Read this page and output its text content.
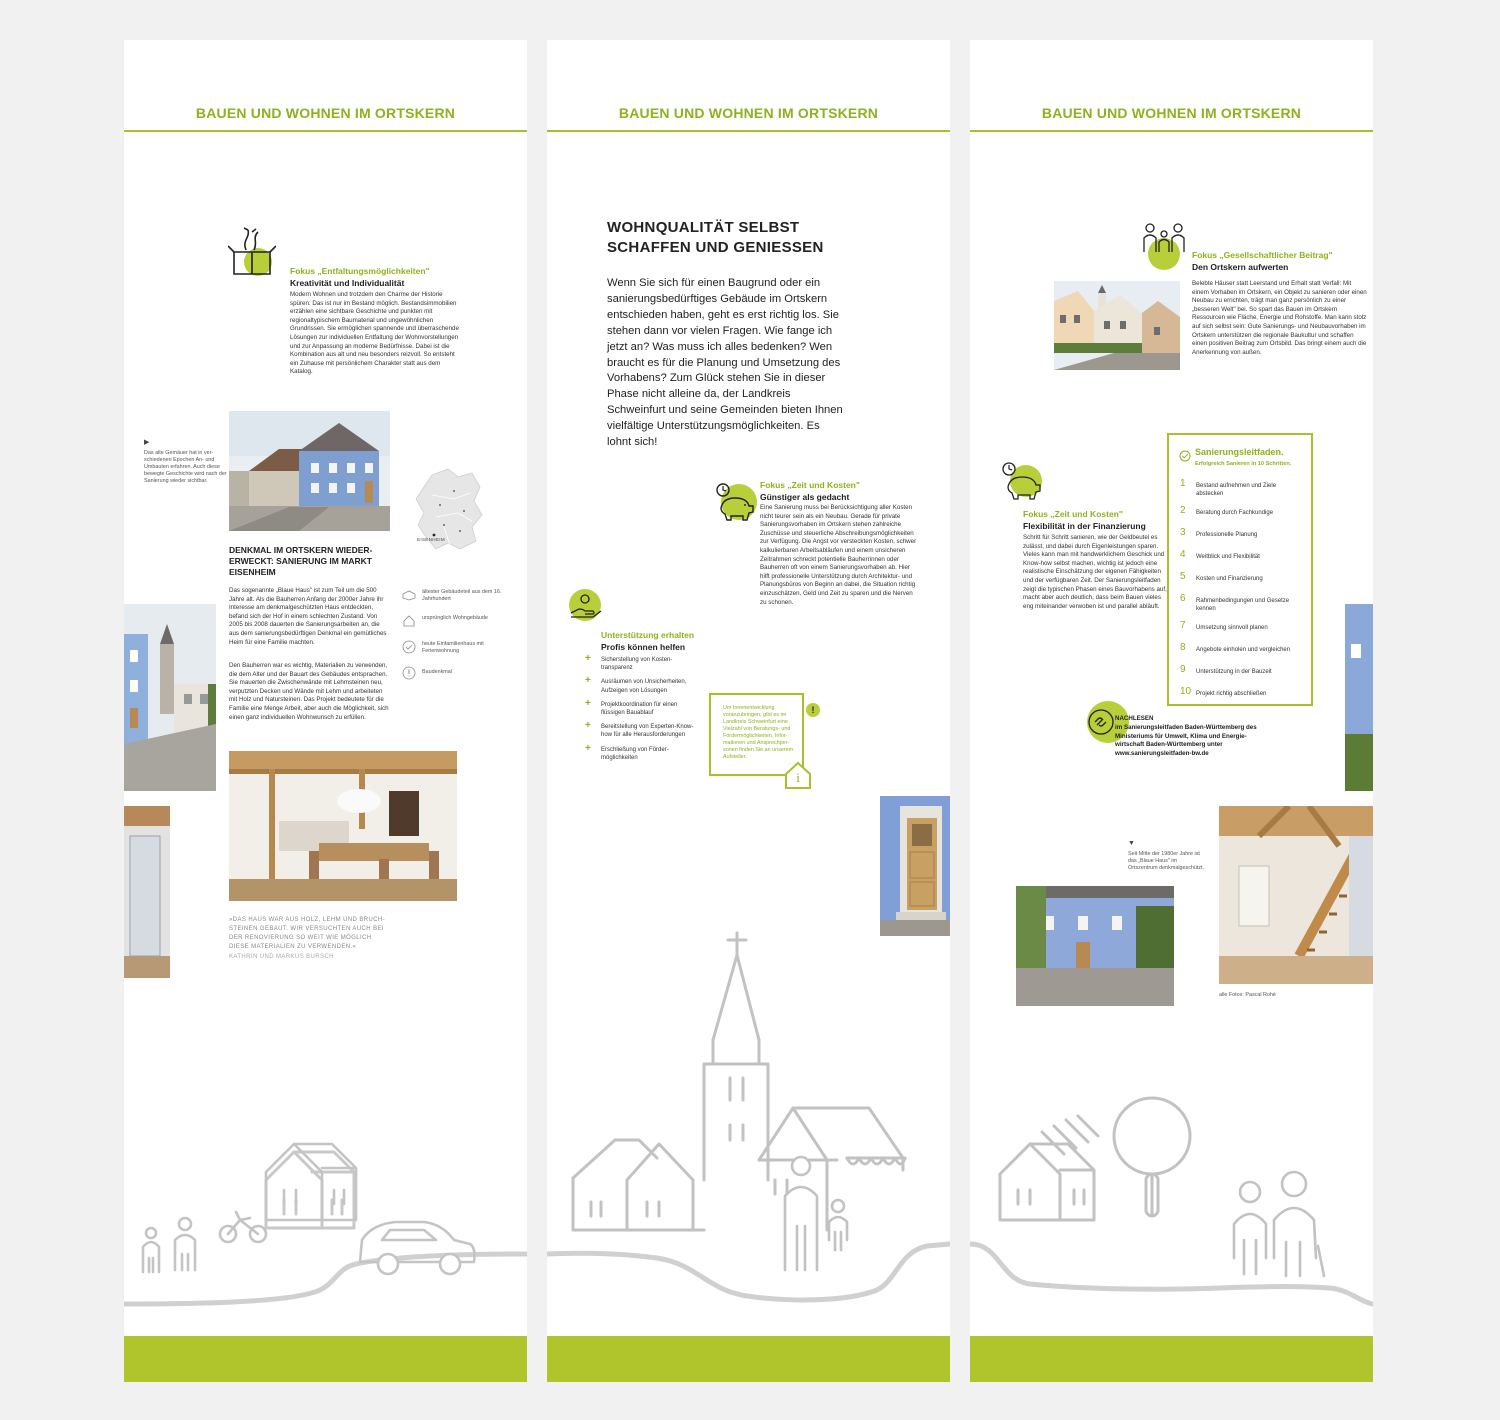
BAUEN UND WOHNEN IM ORTSKERN
Fokus „Entfaltungsmöglichkeiten"
Kreativität und Individualität
Modern Wohnen und trotzdem den Charme der Historie spüren: Das ist nur im Bestand möglich. Bestandsimmobilien erzählen eine sichtbare Geschichte und punkten mit regionaltypischem Baumaterial und ungewöhnlichen Grundrissen. Sie ermöglichen spannende und überraschende Lösungen zur individuellen Entfaltung der Wohnvorstellungen und zur Anpassung an moderne Bedürfnisse. Dabei ist die Kombination aus alt und neu besonders reizvoll. So entsteht ein Zuhause mit persönlichem Charakter statt aus dem Katalog.
▶
Das alte Gemäuer hat in verschiedenen Epochen An- und Umbauten erfahren. Auch diese bewegte Geschichte wird nach der Sanierung wieder sichtbar.
EISENHEIM
DENKMAL IM ORTSKERN WIEDERERWECKT: SANIERUNG IM MARKT EISENHEIM
Das sogenannte „Blaue Haus" ist zum Teil um die 500 Jahre alt. Als die Bauherren Anfang der 2000er Jahre ihr Interesse am denkmalgeschützten Haus entdeckten, befand sich der Hof in einem schlechten Zustand. Von 2005 bis 2008 dauerten die Sanierungsarbeiten an, die aus dem sanierungsbedürftigen Denkmal ein gemütliches Heim für eine Familie machten.
Den Bauherren war es wichtig, Materialien zu verwenden, die dem Alter und der Bauart des Gebäudes entsprachen. Sie mauerten die Zwischenwände mit Lehmsteinen neu, verputzten Decken und Wände mit Lehm und arbeiteten mit Holz und Natursteinen. Das Projekt bedeutete für die Familie eine Menge Arbeit, aber auch die Möglichkeit, sich einen ganz individuellen Wohnwunsch zu erfüllen.
ältester Gebäudeteil aus dem 16. Jahrhundert
ursprünglich Wohngebäude
heute Einfamilienhaus mit Ferienwohnung
Baudenkmal
»DAS HAUS WAR AUS HOLZ, LEHM UND BRUCHSTEINEN GEBAUT. WIR VERSUCHTEN AUCH BEI DER RENOVIERUNG SO WEIT WIE MÖGLICH DIESE MATERIALIEN ZU VERWENDEN.«
KATHRIN UND MARKUS BURSCH
BAUEN UND WOHNEN IM ORTSKERN
WOHNQUALITÄT SELBST SCHAFFEN UND GENIESSEN
Wenn Sie sich für einen Baugrund oder ein sanierungsbedürftiges Gebäude im Ortskern entschieden haben, geht es erst richtig los. Sie stehen dann vor vielen Fragen. Wie fange ich jetzt an? Was muss ich alles bedenken? Wen braucht es für die Planung und Umsetzung des Vorhabens? Zum Glück stehen Sie in dieser Phase nicht alleine da, der Landkreis Schweinfurt und seine Gemeinden bieten Ihnen vielfältige Unterstützungsmöglichkeiten. Es lohnt sich!
Fokus „Zeit und Kosten"
Günstiger als gedacht
Eine Sanierung muss bei Berücksichtigung aller Kosten nicht teurer sein als ein Neubau. Gerade für private Sanierungsvorhaben im Ortskern stehen zahlreiche Zuschüsse und steuerliche Abschreibungsmöglichkeiten zur Verfügung. Die Angst vor versteckten Kosten, schwer kalkulierbaren Arbeitsabläufen und einem unsicheren Zeitrahmen schreckt potentielle Bauherrinnen oder Bauherren oft von einem Sanierungsvorhaben ab. Hier hilft professionelle Unterstützung durch Architektur- und Planungsbüros von Beginn an dabei, die Situation richtig einzuschätzen, Geld und Zeit zu sparen und die Nerven zu schonen.
Unterstützung erhalten
Profis können helfen
+ Sicherstellung von Kostentransparenz
+ Ausräumen von Unsicherheiten, Aufzeigen von Lösungen
+ Projektkoordination für einen flüssigen Bauablauf
+ Bereitstellung von Experten-Know-how für alle Herausforderungen
+ Erschließung von Fördermöglichkeiten
Um Innenentwicklung voranzubringen, gibt es im Landkreis Schweinfurt eine Vielzahl von Beratungs- und Fördermöglichkeiten. Informationen und Ansprechpersonen finden Sie an unserem Aufsteller.
!
i
BAUEN UND WOHNEN IM ORTSKERN
Fokus „Gesellschaftlicher Beitrag"
Den Ortskern aufwerten
Belebte Häuser statt Leerstand und Erhalt statt Verfall: Mit einem Vorhaben im Ortskern, ein Objekt zu sanieren oder einen Neubau zu errichten, trägt man ganz persönlich zu einer „besseren Welt" bei. So spart das Bauen im Ortskern Ressourcen wie Fläche, Energie und Rohstoffe. Man kann stolz auf sich selbst sein: Gute Sanierungs- und Neubauvorhaben im Ortskern unterstützen die regionale Baukultur und schaffen einen positiven Beitrag zum Ortsbild. Das bringt einem auch die Anerkennung von außen.
Sanierungsleitfaden.
Erfolgreich Sanieren in 10 Schritten.
1 Bestand aufnehmen und Ziele abstecken
2 Beratung durch Fachkundige
3 Professionelle Planung
4 Weitblick und Flexibilität
5 Kosten und Finanzierung
6 Rahmenbedingungen und Gesetze kennen
7 Umsetzung sinnvoll planen
8 Angebote einholen und vergleichen
9 Unterstützung in der Bauzeit
10 Projekt richtig abschließen
Fokus „Zeit und Kosten"
Flexibilität in der Finanzierung
Schritt für Schritt sanieren, wie der Geldbeutel es zulässt, und dabei durch Eigenleistungen sparen. Vieles kann man mit handwerklichem Geschick und Know-how selbst machen, wichtig ist jedoch eine realistische Einschätzung der eigenen Fähigkeiten und der verfügbaren Zeit. Der Sanierungsleitfaden zeigt die typischen Phasen eines Bauvorhabens auf, macht aber auch deutlich, dass beim Bauen vieles eng miteinander verwoben ist und parallel abläuft.
NACHLESEN
im Sanierungsleitfaden Baden-Württemberg des Ministeriums für Umwelt, Klima und Energiewirtschaft Baden-Württemberg unter
www.sanierungsleitfaden-bw.de
▼
Seit Mitte der 1980er Jahre ist das „Blaue Haus" im Ortszentrum denkmalgeschützt.
alle Fotos: Pascal Rohé
